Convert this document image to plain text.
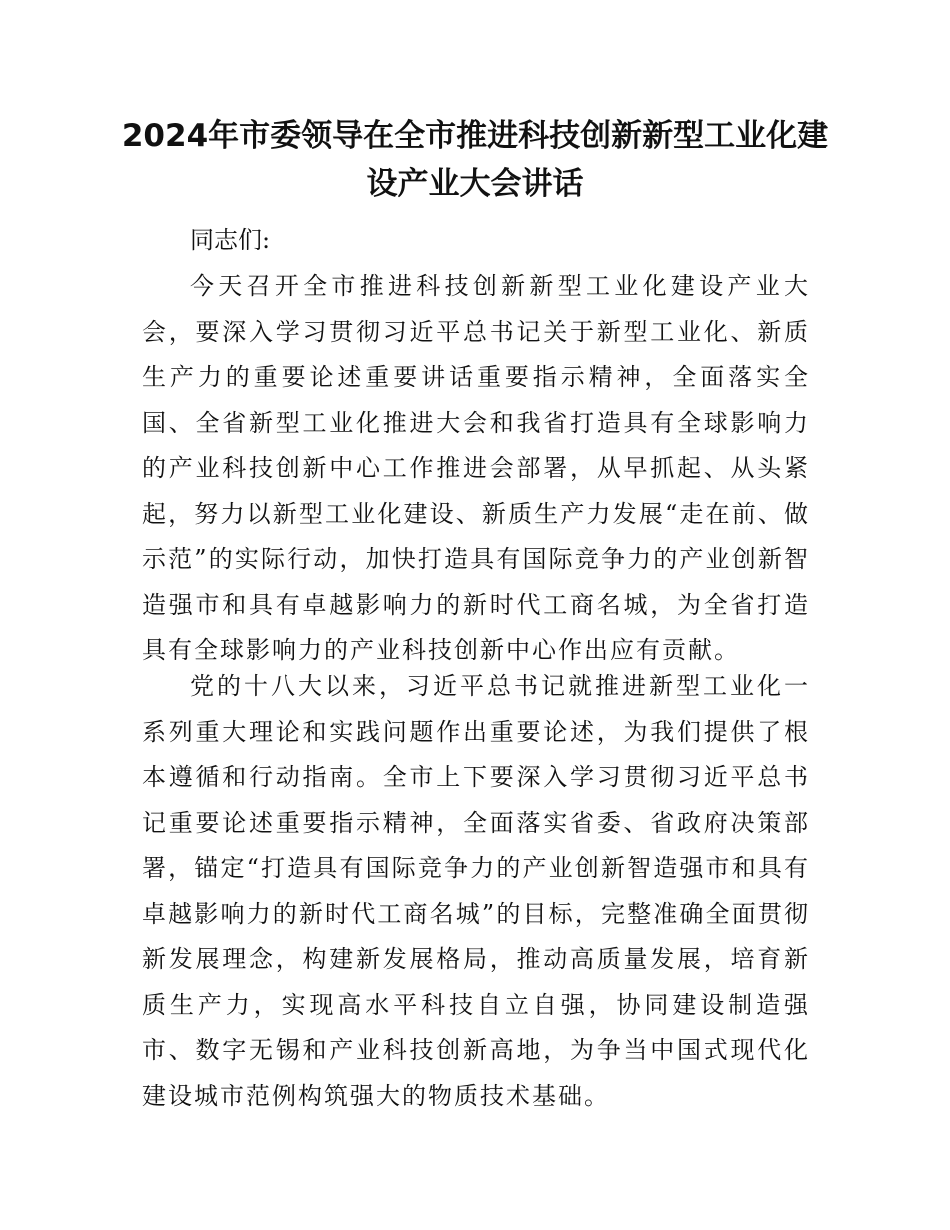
2024年市委领导在全市推进科技创新新型工业化建设产业大会讲话

同志们:

今天召开全市推进科技创新新型工业化建设产业大会，要深入学习贯彻习近平总书记关于新型工业化、新质生产力的重要论述重要讲话重要指示精神，全面落实全国、全省新型工业化推进大会和我省打造具有全球影响力的产业科技创新中心工作推进会部署，从早抓起、从头紧起，努力以新型工业化建设、新质生产力发展“走在前、做示范”的实际行动，加快打造具有国际竞争力的产业创新智造强市和具有卓越影响力的新时代工商名城，为全省打造具有全球影响力的产业科技创新中心作出应有贡献。

党的十八大以来，习近平总书记就推进新型工业化一系列重大理论和实践问题作出重要论述，为我们提供了根本遵循和行动指南。全市上下要深入学习贯彻习近平总书记重要论述重要指示精神，全面落实省委、省政府决策部署，锚定“打造具有国际竞争力的产业创新智造强市和具有卓越影响力的新时代工商名城”的目标，完整准确全面贯彻新发展理念，构建新发展格局，推动高质量发展，培育新质生产力，实现高水平科技自立自强，协同建设制造强市、数字无锡和产业科技创新高地，为争当中国式现代化建设城市范例构筑强大的物质技术基础。
